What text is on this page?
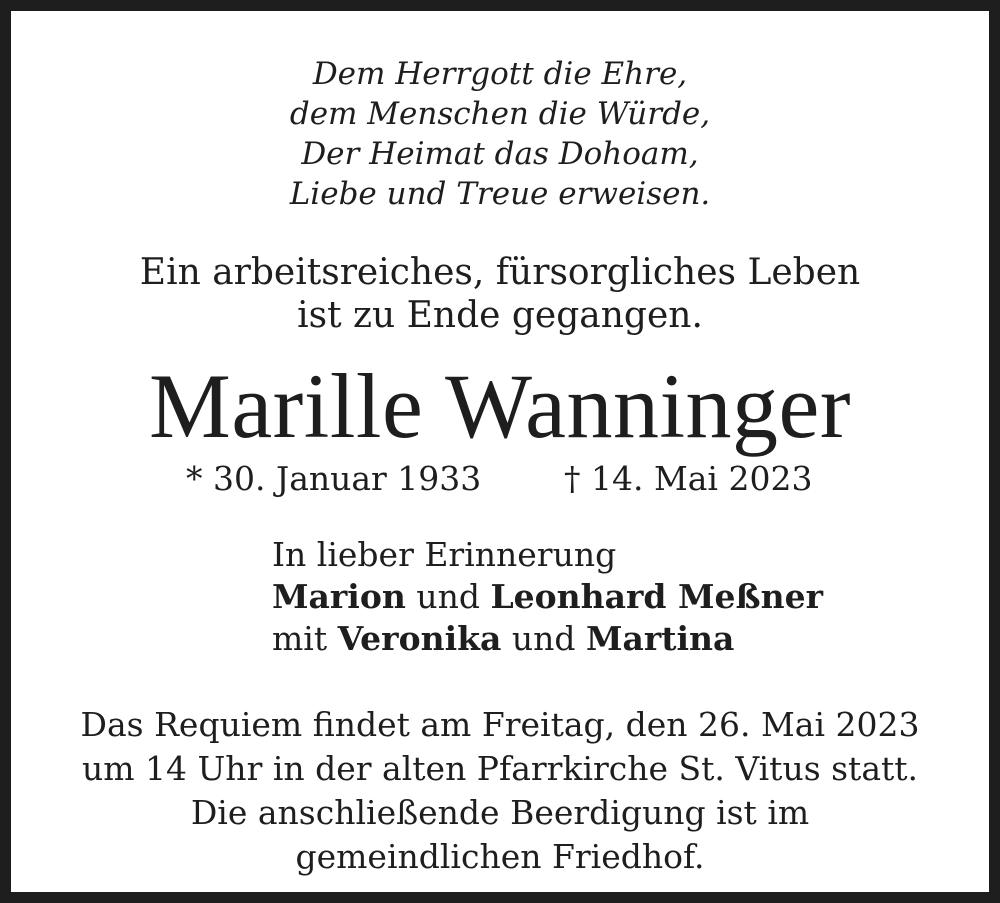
Dem Herrgott die Ehre,
dem Menschen die Würde,
Der Heimat das Dohoam,
Liebe und Treue erweisen.
Ein arbeitsreiches, fürsorgliches Leben
ist zu Ende gegangen.
Marille Wanninger
* 30. Januar 1933	† 14. Mai 2023
In lieber Erinnerung
Marion und Leonhard Meßner
mit Veronika und Martina
Das Requiem findet am Freitag, den 26. Mai 2023
um 14 Uhr in der alten Pfarrkirche St. Vitus statt.
Die anschließende Beerdigung ist im
gemeindlichen Friedhof.
